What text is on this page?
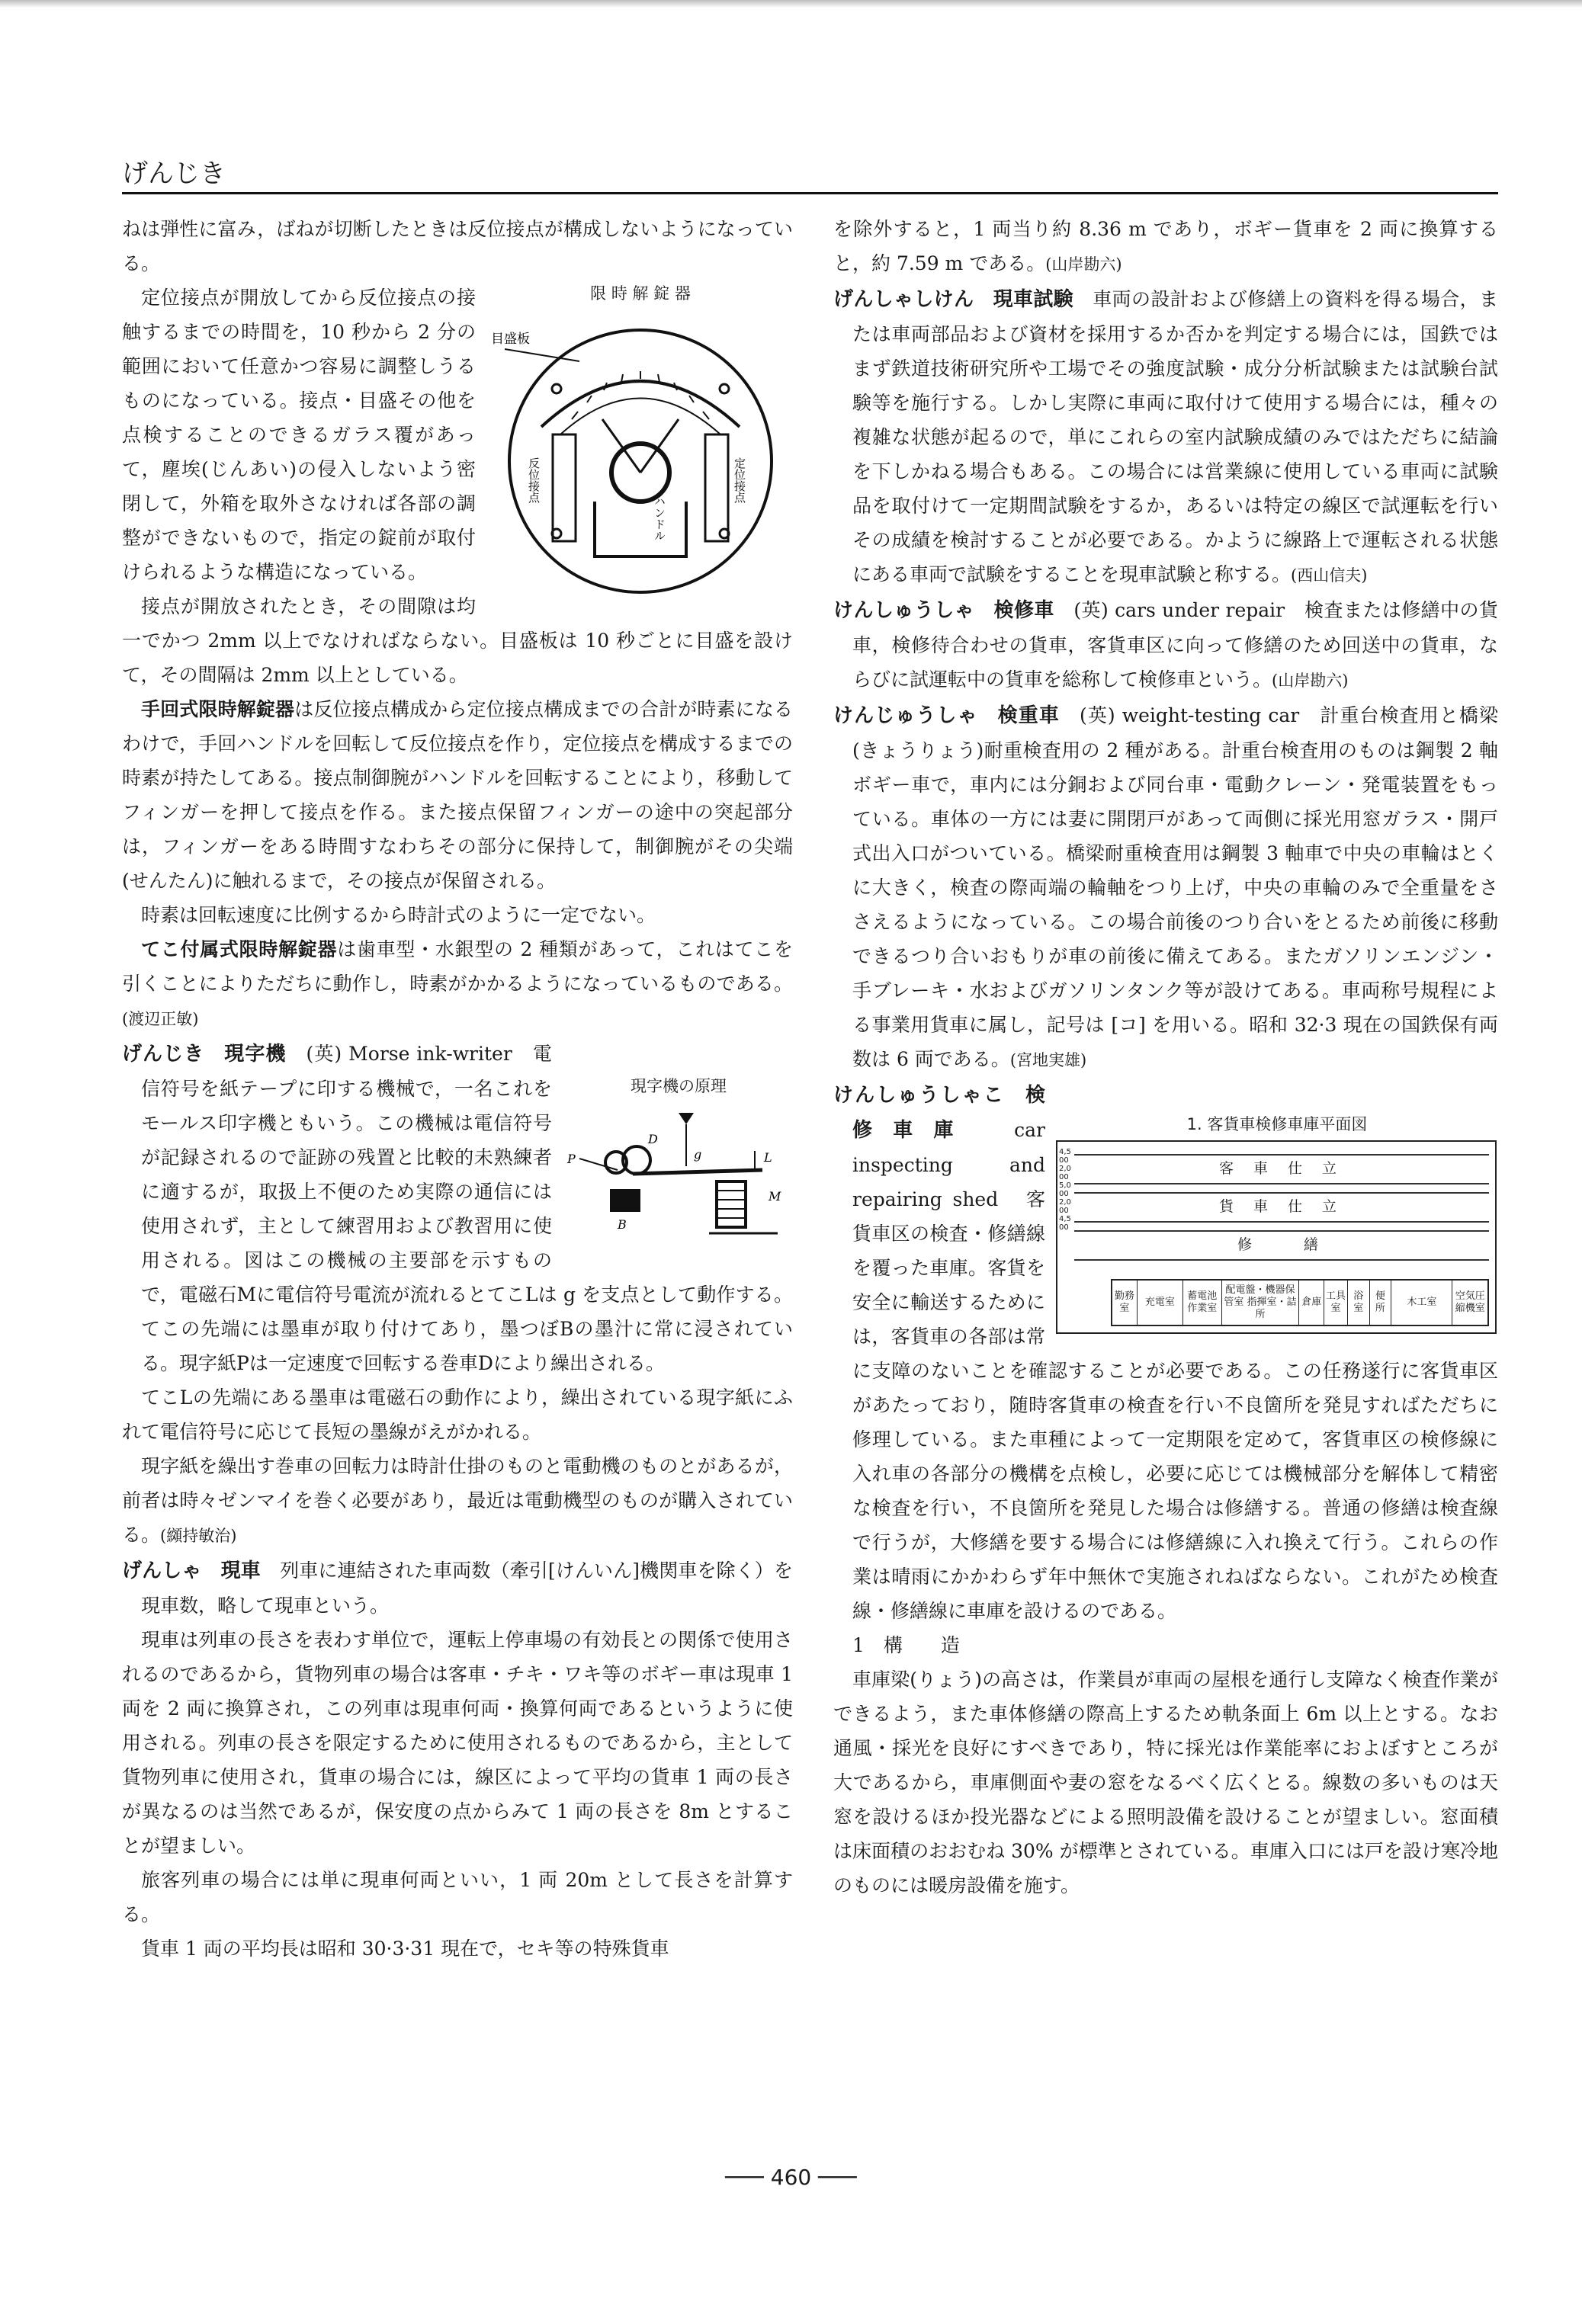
げんじき

ねは弾性に富み，ばねが切断したときは反位接点が構成しないようになっている。

限 時 解 錠 器
目盛板
反位接点
ハンドル
定位接点

定位接点が開放してから反位接点の接触するまでの時間を，10 秒から 2 分の範囲において任意かつ容易に調整しうるものになっている。接点・目盛その他を点検することのできるガラス覆があって，塵埃(じんあい)の侵入しないよう密閉して，外箱を取外さなければ各部の調整ができないもので，指定の錠前が取付けられるような構造になっている。

接点が開放されたとき，その間隙は均一でかつ 2mm 以上でなければならない。目盛板は 10 秒ごとに目盛を設けて，その間隔は 2mm 以上としている。

手回式限時解錠器は反位接点構成から定位接点構成までの合計が時素になるわけで，手回ハンドルを回転して反位接点を作り，定位接点を構成するまでの時素が持たしてある。接点制御腕がハンドルを回転することにより，移動してフィンガーを押して接点を作る。また接点保留フィンガーの途中の突起部分は，フィンガーをある時間すなわちその部分に保持して，制御腕がその尖端(せんたん)に触れるまで，その接点が保留される。

時素は回転速度に比例するから時計式のように一定でない。

てこ付属式限時解錠器は歯車型・水銀型の 2 種類があって，これはてこを引くことによりただちに動作し，時素がかかるようになっているものである。(渡辺正敏)

現字機の原理
P
D
B
g	L
M

げんじき　 現字機　 (英) Morse ink-writer　 電信符号を紙テープに印する機械で，一名これをモールス印字機ともいう。この機械は電信符号が記録されるので証跡の残置と比較的未熟練者に適するが，取扱上不便のため実際の通信には使用されず，主として練習用および教習用に使用される。図はこの機械の主要部を示すもので，電磁石Mに電信符号電流が流れるとてこLは g を支点として動作する。てこの先端には墨車が取り付けてあり，墨つぼBの墨汁に常に浸されている。現字紙Pは一定速度で回転する巻車Dにより繰出される。

てこLの先端にある墨車は電磁石の動作により，繰出されている現字紙にふれて電信符号に応じて長短の墨線がえがかれる。

現字紙を繰出す巻車の回転力は時計仕掛のものと電動機のものとがあるが，前者は時々ゼンマイを巻く必要があり，最近は電動機型のものが購入されている。(纐持敏治)

げんしゃ　 現車　 列車に連結された車両数（牽引[けんいん]機関車を除く）を現車数，略して現車という。

現車は列車の長さを表わす単位で，運転上停車場の有効長との関係で使用されるのであるから，貨物列車の場合は客車・チキ・ワキ等のボギー車は現車 1 両を 2 両に換算され，この列車は現車何両・換算何両であるというように使用される。列車の長さを限定するために使用されるものであるから，主として貨物列車に使用され，貨車の場合には，線区によって平均の貨車 1 両の長さが異なるのは当然であるが，保安度の点からみて 1 両の長さを 8m とすることが望ましい。

旅客列車の場合には単に現車何両といい，1 両 20m として長さを計算する。

貨車 1 両の平均長は昭和 30·3·31 現在で，セキ等の特殊貨車

を除外すると，1 両当り約 8.36 m であり，ボギー貨車を 2 両に換算すると，約 7.59 m である。(山岸勘六)

げんしゃしけん　 現車試験　 車両の設計および修繕上の資料を得る場合，または車両部品および資材を採用するか否かを判定する場合には，国鉄ではまず鉄道技術研究所や工場でその強度試験・成分分析試験または試験台試験等を施行する。しかし実際に車両に取付けて使用する場合には，種々の複雑な状態が起るので，単にこれらの室内試験成績のみではただちに結論を下しかねる場合もある。この場合には営業線に使用している車両に試験品を取付けて一定期間試験をするか，あるいは特定の線区で試運転を行いその成績を検討することが必要である。かように線路上で運転される状態にある車両で試験をすることを現車試験と称する。(西山信夫)

けんしゅうしゃ　 検修車　 (英) cars under repair　 検査または修繕中の貨車，検修待合わせの貨車，客貨車区に向って修繕のため回送中の貨車，ならびに試運転中の貨車を総称して検修車という。(山岸勘六)

けんじゅうしゃ　 検重車　 (英) weight-testing car　 計重台検査用と橋梁(きょうりょう)耐重検査用の 2 種がある。計重台検査用のものは鋼製 2 軸ボギー車で，車内には分銅および同台車・電動クレーン・発電装置をもっている。車体の一方には妻に開閉戸があって両側に採光用窓ガラス・開戸式出入口がついている。橋梁耐重検査用は鋼製 3 軸車で中央の車輪はとくに大きく，検査の際両端の輪軸をつり上げ，中央の車輪のみで全重量をささえるようになっている。この場合前後のつり合いをとるため前後に移動できるつり合いおもりが車の前後に備えてある。またガソリンエンジン・手ブレーキ・水およびガソリンタンク等が設けてある。車両称号規程による事業用貨車に属し，記号は [コ] を用いる。昭和 32·3 現在の国鉄保有両数は 6 両である。(宮地実雄)

1. 客貨車検修車庫平面図
4,500 2,000 5,000 2,000 4,500
客 車 仕 立
貨 車 仕 立
修　　繕
勤務室
充電室
蓄電池作業室
配電盤・機器保管室 指揮室・詰所
倉庫
工具室
浴室
便所
木工室
空気圧縮機室

けんしゅうしゃこ　 検修車庫　 car inspecting and repairing shed　 客貨車区の検査・修繕線を覆った車庫。客貨を安全に輸送するためには，客貨車の各部は常に支障のないことを確認することが必要である。この任務遂行に客貨車区があたっており，随時客貨車の検査を行い不良箇所を発見すればただちに修理している。また車種によって一定期限を定めて，客貨車区の検修線に入れ車の各部分の機構を点検し，必要に応じては機械部分を解体して精密な検査を行い，不良箇所を発見した場合は修繕する。普通の修繕は検査線で行うが，大修繕を要する場合には修繕線に入れ換えて行う。これらの作業は晴雨にかかわらず年中無休で実施されねばならない。これがため検査線・修繕線に車庫を設けるのである。

1　構　　造

車庫梁(りょう)の高さは，作業員が車両の屋根を通行し支障なく検査作業ができるよう，また車体修繕の際高上するため軌条面上 6m 以上とする。なお通風・採光を良好にすべきであり，特に採光は作業能率におよぼすところが大であるから，車庫側面や妻の窓をなるべく広くとる。線数の多いものは天窓を設けるほか投光器などによる照明設備を設けることが望ましい。窓面積は床面積のおおむね 30% が標準とされている。車庫入口には戸を設け寒冷地のものには暖房設備を施す。

─── 460 ───
